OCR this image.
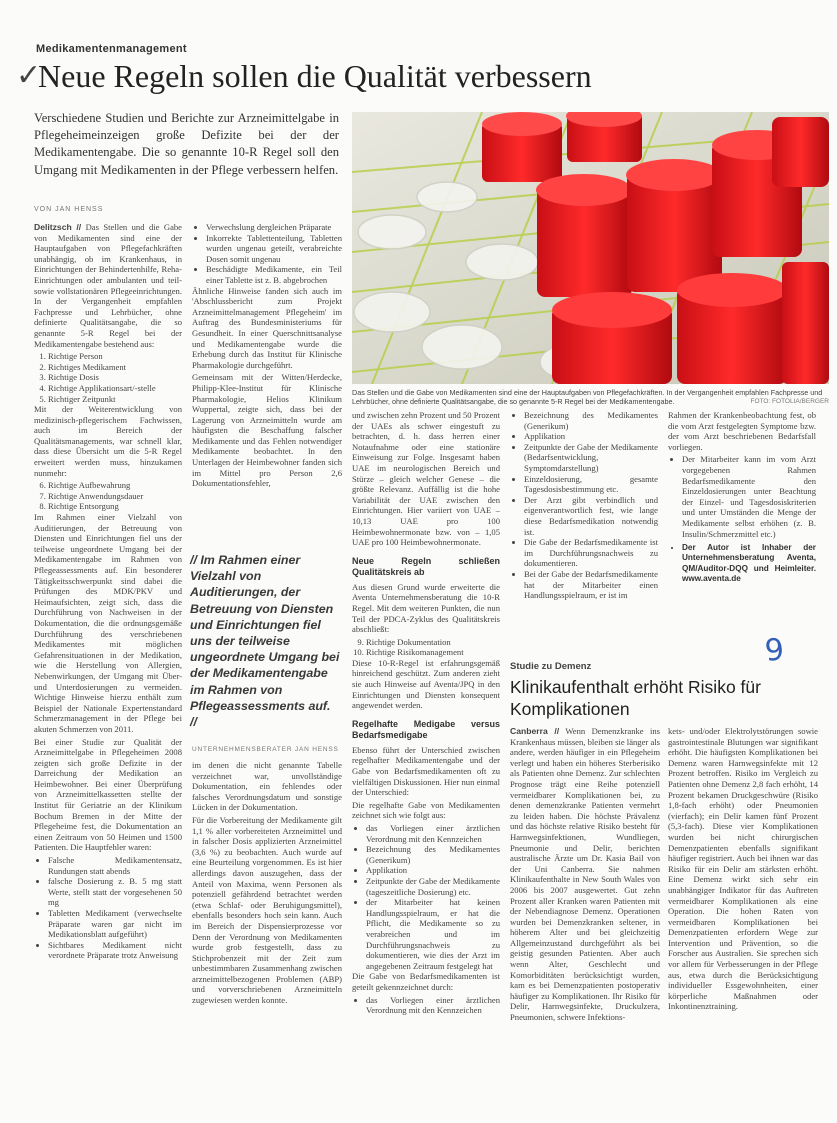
Medikamentenmanagement
✓
Neue Regeln sollen die Qualität verbessern
Verschiedene Studien und Berichte zur Arzneimittelgabe in Pflegeheimeinzeigen große Defizite bei der der Medikamentengabe. Die so genannte 10-R Regel soll den Umgang mit Medikamenten in der Pflege verbessern helfen.
VON JAN HENSS
Das Stellen und die Gabe von Medikamenten sind eine der Hauptaufgaben von Pflegefachkräften. In der Vergangenheit empfahlen Fachpresse und Lehrbücher, ohne definierte Qualitätsangabe, die so genannte 5-R Regel bei der Medikamentengabe.	FOTO: FOTOLIA/BERGER

Delitzsch // Das Stellen und die Gabe von Medikamenten sind eine der Hauptaufgaben von Pflegefachkräften unabhängig, ob im Krankenhaus, in Einrichtungen der Behindertenhilfe, Reha-Einrichtungen oder ambulanten und teil- sowie vollstationären Pflegeeinrichtungen. In der Vergangenheit empfahlen Fachpresse und Lehrbücher, ohne definierte Qualitätsangabe, die so genannte 5-R Regel bei der Medikamentengabe bestehend aus:

1. Richtige Person
2. Richtiges Medikament
3. Richtige Dosis
4. Richtige Applikationsart/-stelle
5. Richtiger Zeitpunkt

Mit der Weiterentwicklung von medizinisch-pflegerischem Fachwissen, auch im Bereich der Qualitätsmanagements, war schnell klar, dass diese Übersicht um die 5-R Regel erweitert werden muss, hinzukamen nunmehr:

6. Richtige Aufbewahrung
7. Richtige Anwendungsdauer
8. Richtige Entsorgung

Im Rahmen einer Vielzahl von Auditierungen, der Betreuung von Diensten und Einrichtungen fiel uns der teilweise ungeordnete Umgang bei der Medikamentengabe im Rahmen von Pflegeassessments auf. Ein besonderer Tätigkeitsschwerpunkt sind dabei die Prüfungen des MDK/PKV und Heimaufsichten, zeigt sich, dass die Durchführung von Nachweisen in der Dokumentation, die die ordnungsgemäße Durchführung des verschriebenen Medikamentes mit möglichen Gefahrensituationen in der Medikation, wie die Herstellung von Allergien, Nebenwirkungen, der Umgang mit Über- und Unterdosierungen zu vermeiden. Wichtige Hinweise hierzu enthält zum Beispiel der Nationale Expertenstandard Schmerzmanagement in der Pflege bei akuten Schmerzen von 2011.

Bei einer Studie zur Qualität der Arzneimittelgabe in Pflegeheimen 2008 zeigten sich große Defizite in der Darreichung der Medikation an Heimbewohner. Bei einer Überprüfung von Arzneimittelkassetten stellte der Institut für Geriatrie an der Klinikum Bochum Bremen in der Mitte der Pflegeheime fest, die Dokumentation an einen Zeitraum von 50 Heimen und 1500 Patienten. Die Hauptfehler waren:

• Falsche Medikamentensatz, Rundungen statt abends
• falsche Dosierung z. B. 5 mg statt Werte, stellt statt der vorgesehenen 50 mg
• Tabletten Medikament (verwechselte Präparate waren gar nicht im Medikationsblatt aufgeführt)
• Sichtbares Medikament nicht verordnete Präparate trotz Anweisung
• Verwechslung dergleichen Präparate
• Inkorrekte Tablettenteilung, Tabletten wurden ungenau geteilt, verabreichte Dosen somit ungenau
• Beschädigte Medikamente, ein Teil einer Tablette ist z. B. abgebrochen

Ähnliche Hinweise fanden sich auch im 'Abschlussbericht zum Projekt Arzneimittelmanagement Pflegeheim' im Auftrag des Bundesministeriums für Gesundheit. In einer Querschnittsanalyse und Medikamentengabe wurde die Erhebung durch das Institut für Klinische Pharmakologie durchgeführt.

Gemeinsam mit der Witten/Herdecke, Philipp-Klee-Institut für Klinische Pharmakologie, Helios Klinikum Wuppertal, zeigte sich, dass bei der Lagerung von Arzneimitteln wurde am häufigsten die Beschaffung falscher Medikamente und das Fehlen notwendiger Medikamente beobachtet. In den Unterlagen der Heimbewohner fanden sich im Mittel pro Person 2,6 Dokumentationsfehler,

// Im Rahmen einer Vielzahl von Auditierungen, der Betreuung von Diensten und Einrichtungen fiel uns der teilweise ungeordnete Umgang bei der Medikamentengabe im Rahmen von Pflegeassessments auf. //
UNTERNEHMENSBERATER JAN HENSS

im denen die nicht genannte Tabelle verzeichnet war, unvollständige Dokumentation, ein fehlendes oder falsches Verordnungsdatum und sonstige Lücken in der Dokumentation.

Für die Vorbereitung der Medikamente gilt 1,1 % aller vorbereiteten Arzneimittel und in falscher Dosis applizierten Arzneimittel (3,6 %) zu beobachten. Auch wurde auf eine Beurteilung vorgenommen. Es ist hier allerdings davon auszugehen, dass der Anteil von Maxima, wenn Personen als potenziell gefährdend betrachtet werden (etwa Schlaf- oder Beruhigungsmittel), ebenfalls besonders hoch sein kann. Auch im Bereich der Dispensierprozesse vor Denn der Verordnung von Medikamenten wurde grob festgestellt, dass zu Stichprobenzeit mit der Zeit zum unbestimmbaren Zusammenhang zwischen arzneimittelbezogenen Problemen (ABP) und vorverschriebenen Arzneimitteln zugewiesen werden konnte.

und zwischen zehn Prozent und 50 Prozent der UAEs als schwer eingestuft zu betrachten, d. h. dass herren einer Notaufnahme oder eine stationäre Einweisung zur Folge. Insgesamt haben UAE im neurologischen Bereich und Stürze – gleich welcher Genese – die größte Relevanz. Auffällig ist die hohe Variabilität der UAE zwischen den Einrichtungen. Hier variiert von UAE – 10,13 UAE pro 100 Heimbewohnermonate bzw. von – 1,05 UAE pro 100 Heimbewohnermonate.

Neue Regeln schließen Qualitätskreis ab

Aus diesen Grund wurde erweiterte die Aventa Unternehmensberatung die 10-R Regel. Mit dem weiteren Punkten, die nun Teil der PDCA-Zyklus des Qualitätskreis abschließt:

9. Richtige Dokumentation
10. Richtige Risikomanagement

Diese 10-R-Regel ist erfahrungsgemäß hinreichend geschützt. Zum anderen zieht sie auch Hinweise auf Aventa/JPQ in den Einrichtungen und Diensten konsequent angewendet werden.

Regelhafte Medigabe versus Bedarfsmedigabe

Ebenso führt der Unterschied zwischen regelhafter Medikamentengabe und der Gabe von Bedarfsmedikamenten oft zu vielfältigen Diskussionen. Hier nun einmal der Unterschied:

Die regelhafte Gabe von Medikamenten zeichnet sich wie folgt aus:

• das Vorliegen einer ärztlichen Verordnung mit den Kennzeichen
• Bezeichnung des Medikamentes (Generikum)
• Applikation
• Zeitpunkte der Gabe der Medikamente (tageszeitliche Dosierung) etc.
• der Mitarbeiter hat keinen Handlungsspielraum, er hat die Pflicht, die Medikamente so zu verabreichen und im Durchführungsnachweis zu dokumentieren, wie dies der Arzt im angegebenen Zeitraum festgelegt hat

Die Gabe von Bedarfsmedikamenten ist geteilt gekennzeichnet durch:

• das Vorliegen einer ärztlichen Verordnung mit den Kennzeichen
• Bezeichnung des Medikamentes (Generikum)
• Applikation
• Zeitpunkte der Gabe der Medikamente (Bedarfsentwicklung, Symptomdarstellung)
• Einzeldosierung, gesamte Tagesdosisbestimmung etc.
• Der Arzt gibt verbindlich und eigenverantwortlich fest, wie lange diese Bedarfsmedikation notwendig ist.
• Die Gabe der Bedarfsmedikamente ist im Durchführungsnachweis zu dokumentieren.
• Bei der Gabe der Bedarfsmedikamente hat der Mitarbeiter einen Handlungsspielraum, er ist im

Rahmen der Krankenbeobachtung fest, ob die vom Arzt festgelegten Symptome bzw. der vom Arzt beschriebenen Bedarfsfall vorliegen.

• Der Mitarbeiter kann im vom Arzt vorgegebenen Rahmen Bedarfsmedikamente den Einzeldosierungen unter Beachtung der Einzel- und Tagesdosiskriterien und unter Umständen die Menge der Medikamente selbst erhöhen (z. B. Insulin/Schmerzmittel etc.)
• Der Autor ist Inhaber der Unternehmensberatung Aventa, QM/Auditor-DQQ und Heimleiter. www.aventa.de
9
Studie zu Demenz
Klinikaufenthalt erhöht Risiko für Komplikationen

Canberra // Wenn Demenzkranke ins Krankenhaus müssen, bleiben sie länger als andere, werden häufiger in ein Pflegeheim verlegt und haben ein höheres Sterberisiko als Patienten ohne Demenz. Zur schlechten Prognose trägt eine Reihe potenziell vermeidbarer Komplikationen bei, zu denen demenzkranke Patienten vermehrt zu leiden haben. Die höchste Prävalenz und das höchste relative Risiko besteht für Harnwegsinfektionen, Wundliegen, Pneumonie und Delir, berichten australische Ärzte um Dr. Kasia Bail von der Uni Canberra. Sie nahmen Klinikaufenthalte in New South Wales von 2006 bis 2007 ausgewertet. Gut zehn Prozent aller Kranken waren Patienten mit der Nebendiagnose Demenz. Operationen wurden bei Demenzkranken seltener, in höherem Alter und bei gleichzeitig Allgemeinzustand durchgeführt als bei geistig gesunden Patienten. Aber auch wenn Alter, Geschlecht und Komorbiditäten berücksichtigt wurden, kam es bei Demenzpatienten postoperativ häufiger zu Komplikationen. Ihr Risiko für Delir, Harnwegsinfekte, Druckulzera, Pneumonien, schwere Infektions-

kets- und/oder Elektrolytstörungen sowie gastrointestinale Blutungen war signifikant erhöht. Die häufigsten Komplikationen bei Demenz waren Harnwegsinfekte mit 12 Prozent betroffen. Risiko im Vergleich zu Patienten ohne Demenz 2,8 fach erhöht, 14 Prozent bekamen Druckgeschwüre (Risiko 1,8-fach erhöht) oder Pneumonien (vierfach); ein Delir kamen fünf Prozent (5,3-fach). Diese vier Komplikationen wurden bei nicht chirurgischen Demenzpatienten ebenfalls signifikant häufiger registriert. Auch bei ihnen war das Risiko für ein Delir am stärksten erhöht. Eine Demenz wirkt sich sehr ein unabhängiger Indikator für das Auftreten vermeidbarer Komplikationen als eine Operation. Die hohen Raten von vermeidbaren Komplikationen bei Demenzpatienten erfordern Wege zur Intervention und Prävention, so die Forscher aus Australien. Sie sprechen sich vor allem für Verbesserungen in der Pflege aus, etwa durch die Berücksichtigung individueller Essgewohnheiten, einer körperliche Maßnahmen oder Inkontinenztraining.
